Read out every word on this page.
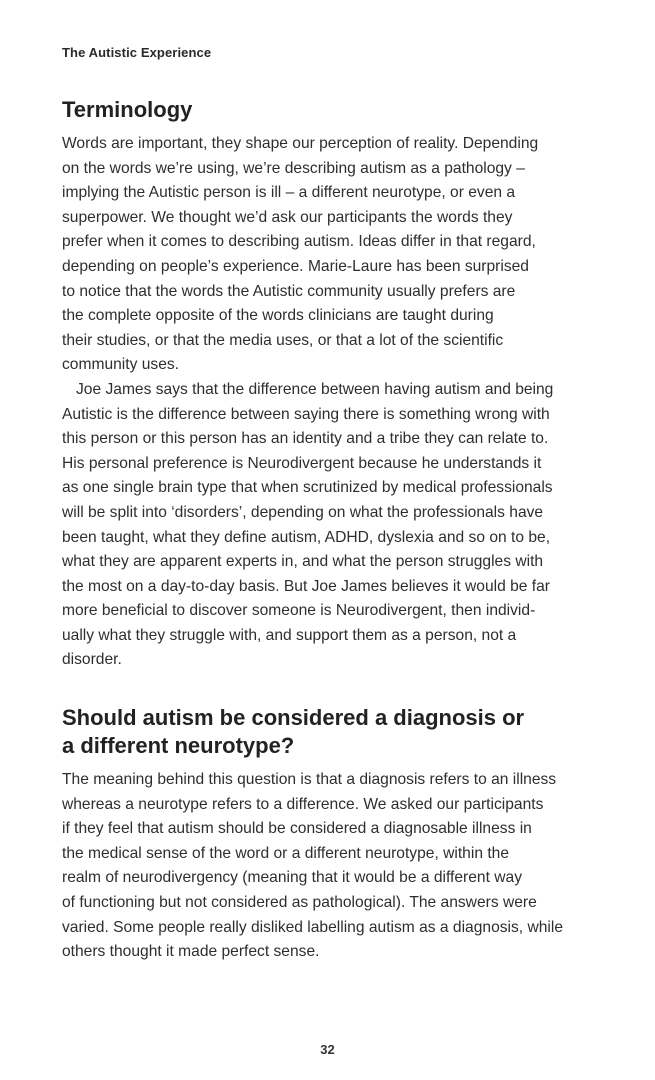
The Autistic Experience
Terminology

Words are important, they shape our perception of reality. Depending
on the words we’re using, we’re describing autism as a pathology –
implying the Autistic person is ill – a different neurotype, or even a
superpower. We thought we’d ask our participants the words they
prefer when it comes to describing autism. Ideas differ in that regard,
depending on people’s experience. Marie-Laure has been surprised
to notice that the words the Autistic community usually prefers are
the complete opposite of the words clinicians are taught during
their studies, or that the media uses, or that a lot of the scientific
community uses.

Joe James says that the difference between having autism and being
Autistic is the difference between saying there is something wrong with
this person or this person has an identity and a tribe they can relate to.
His personal preference is Neurodivergent because he understands it
as one single brain type that when scrutinized by medical professionals
will be split into ‘disorders’, depending on what the professionals have
been taught, what they define autism, ADHD, dyslexia and so on to be,
what they are apparent experts in, and what the person struggles with
the most on a day-to-day basis. But Joe James believes it would be far
more beneficial to discover someone is Neurodivergent, then individ-
ually what they struggle with, and support them as a person, not a
disorder.

Should autism be considered a diagnosis or
a different neurotype?

The meaning behind this question is that a diagnosis refers to an illness
whereas a neurotype refers to a difference. We asked our participants
if they feel that autism should be considered a diagnosable illness in
the medical sense of the word or a different neurotype, within the
realm of neurodivergency (meaning that it would be a different way
of functioning but not considered as pathological). The answers were
varied. Some people really disliked labelling autism as a diagnosis, while
others thought it made perfect sense.

32
